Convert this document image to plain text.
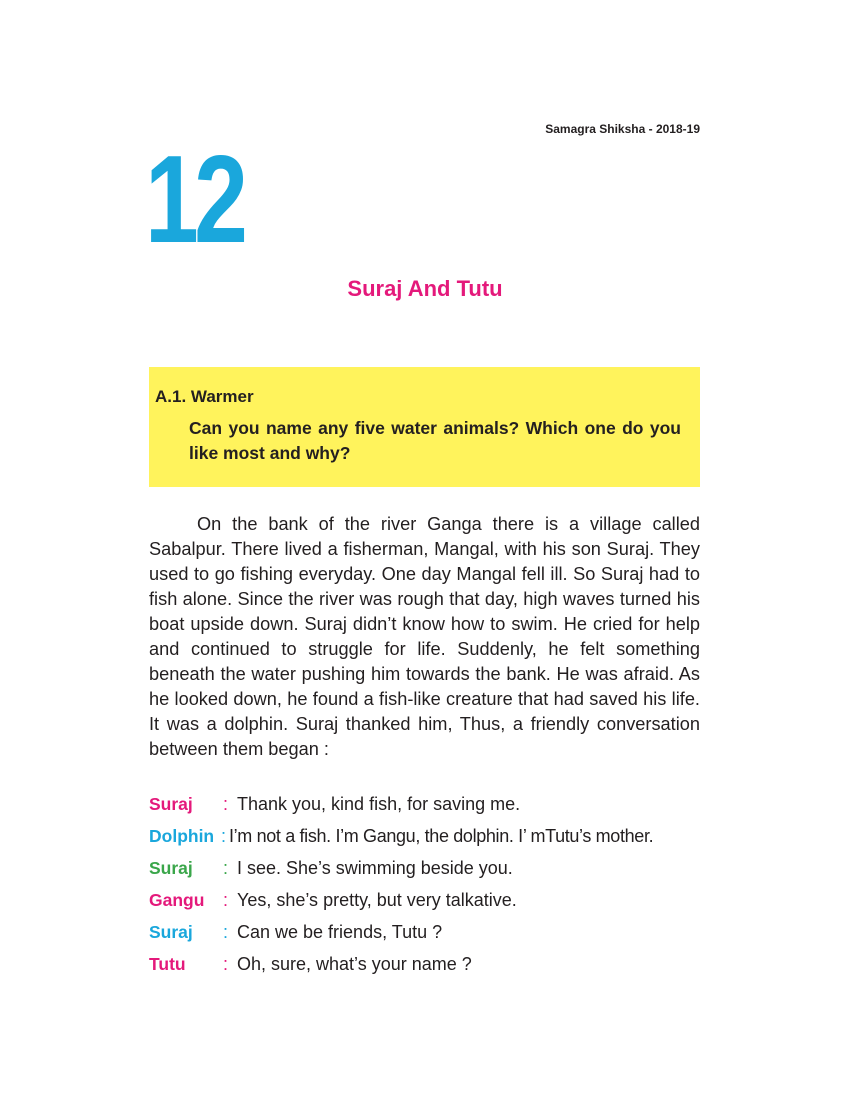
Samagra Shiksha - 2018-19
12
Suraj And Tutu
A.1. Warmer
Can you name any five water animals? Which one do you like most and why?

On the bank of the river Ganga there is a village called Sabalpur. There lived a fisherman, Mangal, with his son Suraj. They used to go fishing everyday. One day Mangal fell ill. So Suraj had to fish alone. Since the river was rough that day, high waves turned his boat upside down. Suraj didn’t know how to swim. He cried for help and continued to struggle for life. Suddenly, he felt something beneath the water pushing him towards the bank. He was afraid. As he looked down, he found a fish-like creature that had saved his life. It was a dolphin. Suraj thanked him, Thus, a friendly conversation between them began :

Suraj	: Thank you, kind fish, for saving me.
Dolphin : I’m not a fish. I’m Gangu, the dolphin. I’ mTutu’s mother.
Suraj	: I see. She’s swimming beside you.
Gangu	: Yes, she’s pretty, but very talkative.
Suraj	: Can we be friends, Tutu ?
Tutu	: Oh, sure, what’s your name ?
